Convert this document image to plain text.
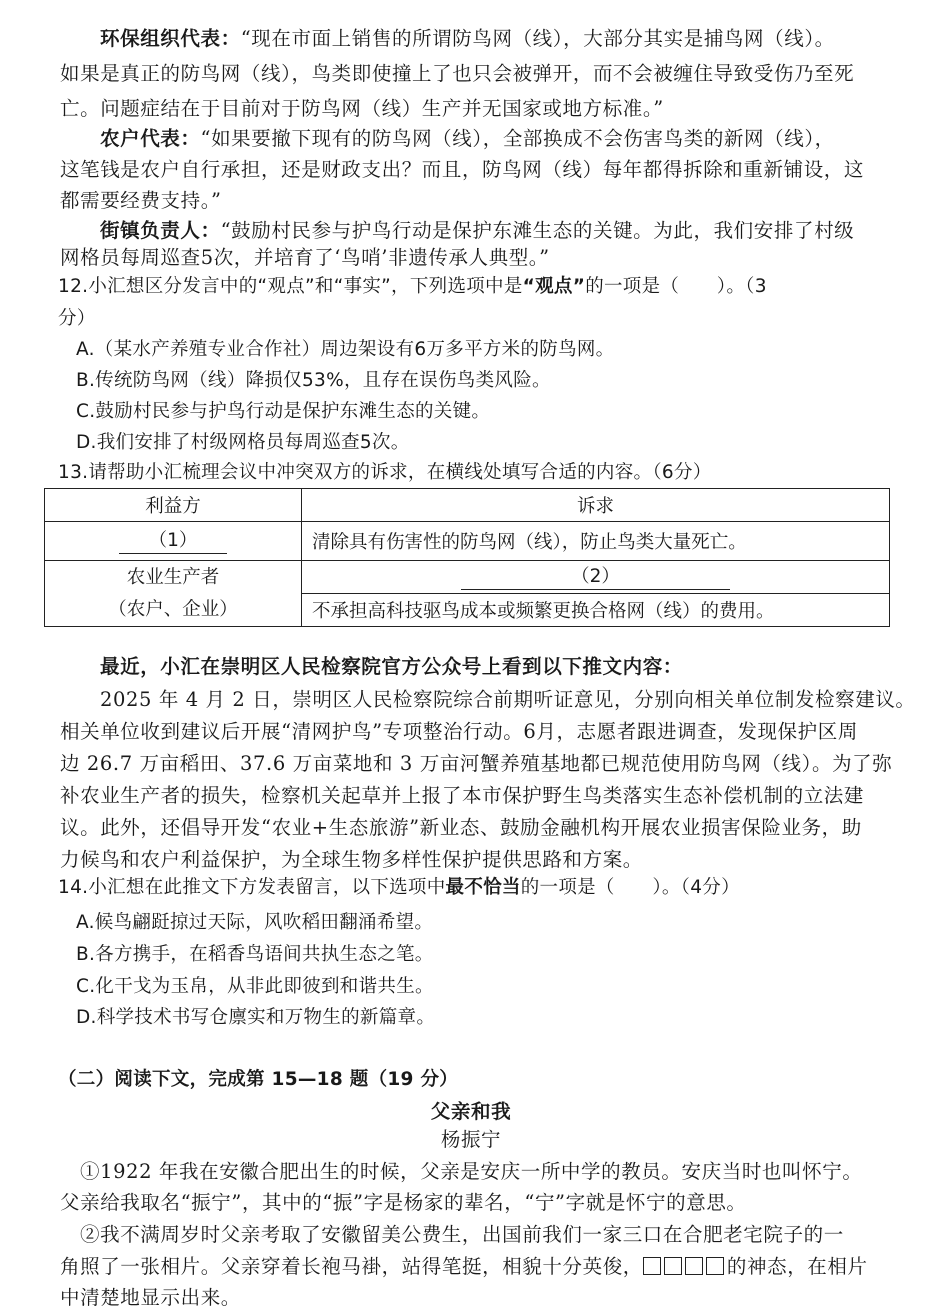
环保组织代表：“现在市面上销售的所谓防鸟网（线），大部分其实是捕鸟网（线）。
如果是真正的防鸟网（线），鸟类即使撞上了也只会被弹开，而不会被缠住导致受伤乃至死
亡。问题症结在于目前对于防鸟网（线）生产并无国家或地方标准。”
农户代表：“如果要撤下现有的防鸟网（线），全部换成不会伤害鸟类的新网（线），
这笔钱是农户自行承担，还是财政支出？而且，防鸟网（线）每年都得拆除和重新铺设，这
都需要经费支持。”
街镇负责人：“鼓励村民参与护鸟行动是保护东滩生态的关键。为此，我们安排了村级
网格员每周巡查5次，并培育了‘鸟哨’非遗传承人典型。”
12.小汇想区分发言中的“观点”和“事实”，下列选项中是“观点”的一项是（　　）。（3
分）
A.（某水产养殖专业合作社）周边架设有6万多平方米的防鸟网。
B.传统防鸟网（线）降损仅53%，且存在误伤鸟类风险。
C.鼓励村民参与护鸟行动是保护东滩生态的关键。
D.我们安排了村级网格员每周巡查5次。
13.请帮助小汇梳理会议中冲突双方的诉求，在横线处填写合适的内容。（6分）
利益方	诉求
（1）	清除具有伤害性的防鸟网（线），防止鸟类大量死亡。

农业生产者
（农户、企业）	（2）
	不承担高科技驱鸟成本或频繁更换合格网（线）的费用。
最近，小汇在崇明区人民检察院官方公众号上看到以下推文内容：
2025 年 4 月 2 日，崇明区人民检察院综合前期听证意见，分别向相关单位制发检察建议。
相关单位收到建议后开展“清网护鸟”专项整治行动。6月，志愿者跟进调查，发现保护区周
边 26.7 万亩稻田、37.6 万亩菜地和 3 万亩河蟹养殖基地都已规范使用防鸟网（线）。为了弥
补农业生产者的损失，检察机关起草并上报了本市保护野生鸟类落实生态补偿机制的立法建
议。此外，还倡导开发“农业+生态旅游”新业态、鼓励金融机构开展农业损害保险业务，助
力候鸟和农户利益保护，为全球生物多样性保护提供思路和方案。
14.小汇想在此推文下方发表留言，以下选项中最不恰当的一项是（　　）。（4分）
A.候鸟翩跹掠过天际，风吹稻田翻涌希望。
B.各方携手，在稻香鸟语间共执生态之笔。
C.化干戈为玉帛，从非此即彼到和谐共生。
D.科学技术书写仓廪实和万物生的新篇章。
（二）阅读下文，完成第 15—18 题（19 分）
父亲和我
杨振宁
①1922 年我在安徽合肥出生的时候，父亲是安庆一所中学的教员。安庆当时也叫怀宁。
父亲给我取名“振宁”，其中的“振”字是杨家的辈名，“宁”字就是怀宁的意思。
②我不满周岁时父亲考取了安徽留美公费生，出国前我们一家三口在合肥老宅院子的一
角照了一张相片。父亲穿着长袍马褂，站得笔挺，相貌十分英俊，	的神态，在相片
中清楚地显示出来。
